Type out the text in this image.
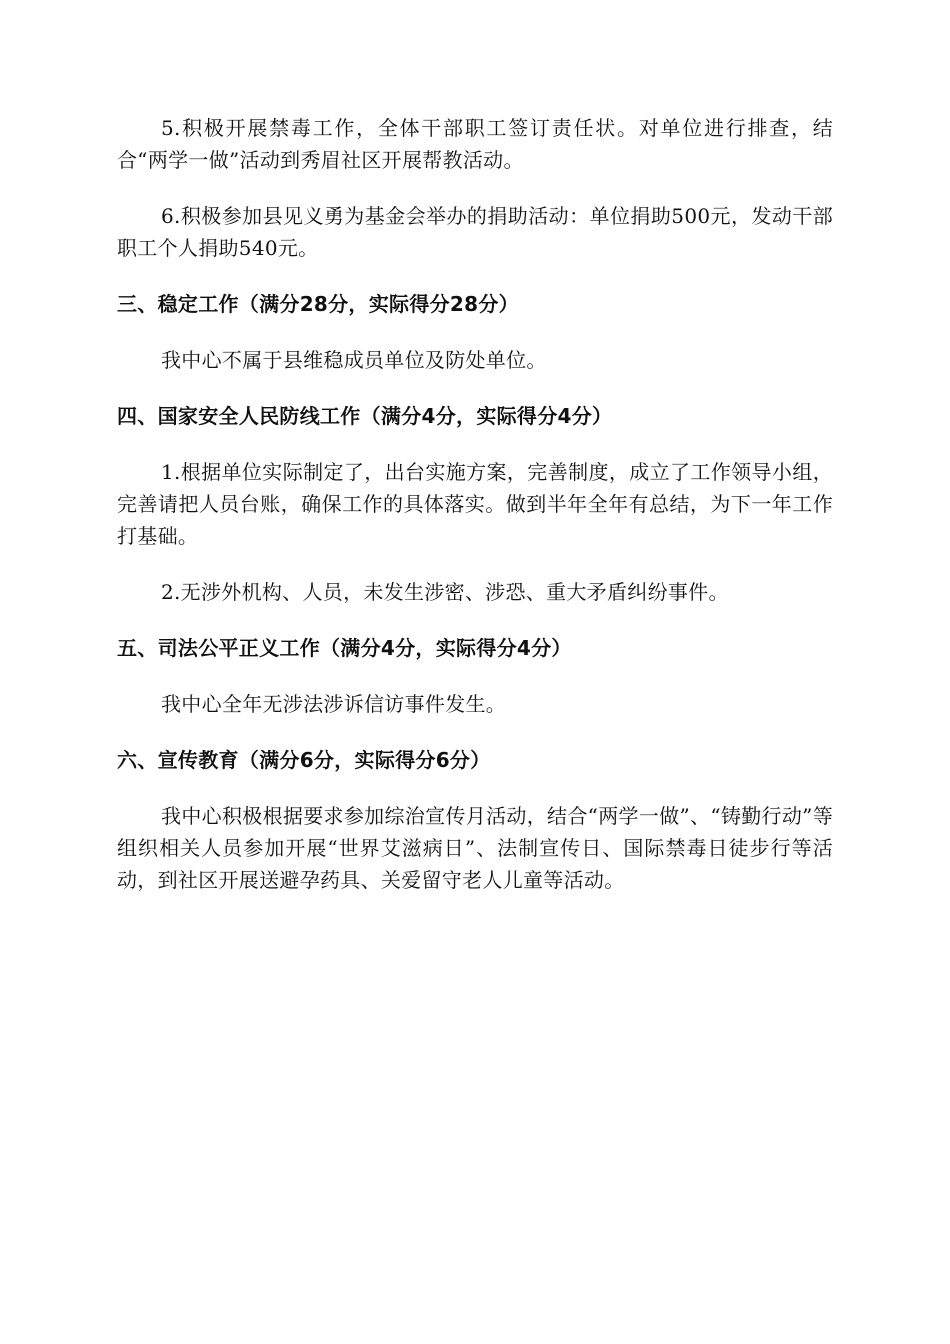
5.积极开展禁毒工作，全体干部职工签订责任状。对单位进行排查，结合“两学一做”活动到秀眉社区开展帮教活动。

6.积极参加县见义勇为基金会举办的捐助活动：单位捐助500元，发动干部职工个人捐助540元。

三、稳定工作（满分28分，实际得分28分）

我中心不属于县维稳成员单位及防处单位。

四、国家安全人民防线工作（满分4分，实际得分4分）

1.根据单位实际制定了，出台实施方案，完善制度，成立了工作领导小组，完善请把人员台账，确保工作的具体落实。做到半年全年有总结，为下一年工作打基础。

2.无涉外机构、人员，未发生涉密、涉恐、重大矛盾纠纷事件。

五、司法公平正义工作（满分4分，实际得分4分）

我中心全年无涉法涉诉信访事件发生。

六、宣传教育（满分6分，实际得分6分）

我中心积极根据要求参加综治宣传月活动，结合“两学一做”、“铸勤行动”等组织相关人员参加开展“世界艾滋病日”、法制宣传日、国际禁毒日徒步行等活动，到社区开展送避孕药具、关爱留守老人儿童等活动。
